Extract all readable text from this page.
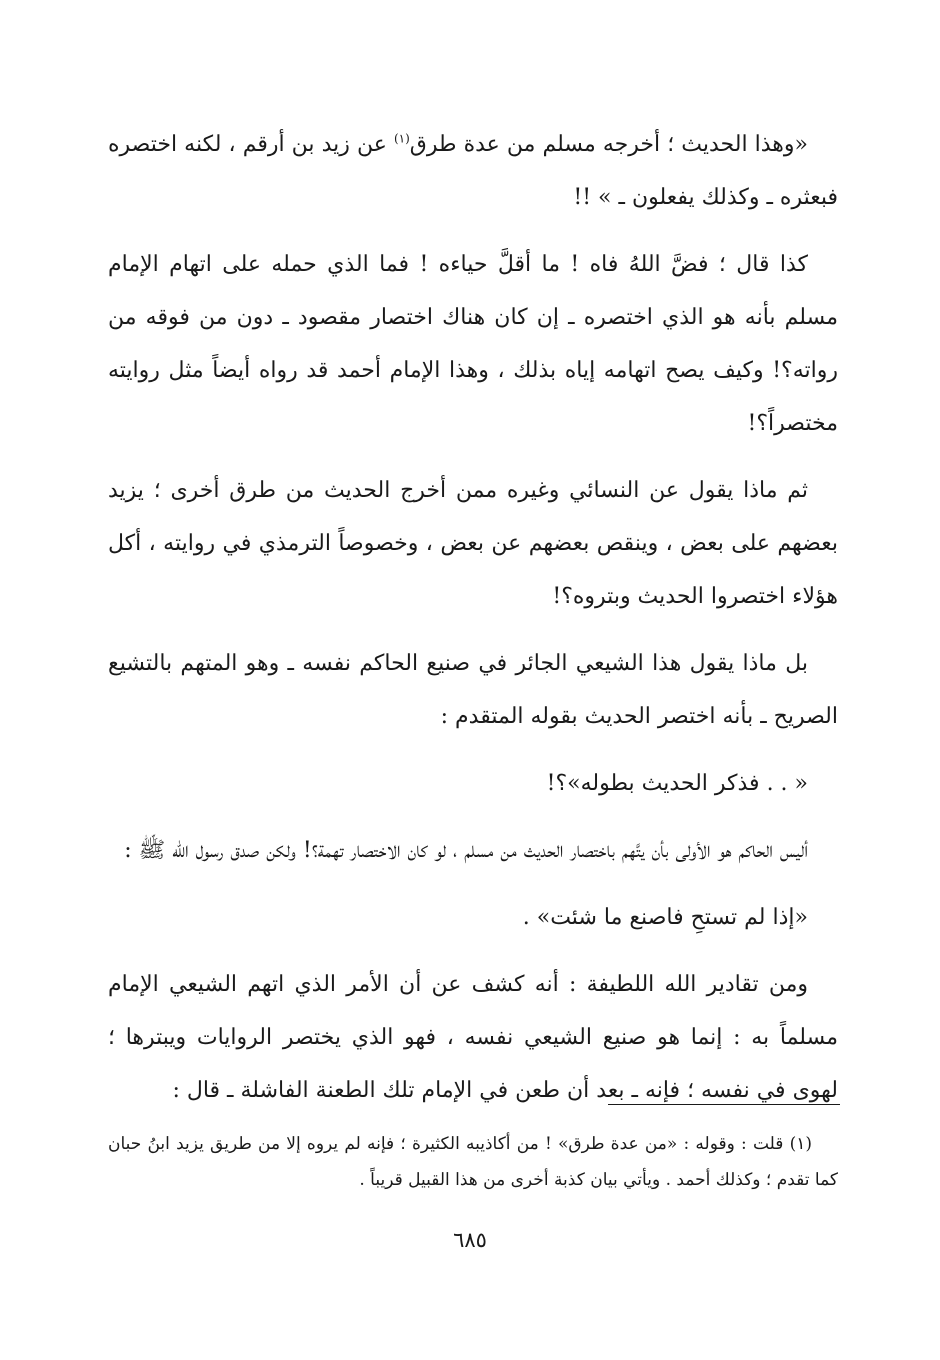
«وهذا الحديث ؛ أخرجه مسلم من عدة طرق$^{(١)}$ عن زيد بن أرقم ، لكنه اختصره فبعثره ـ وكذلك يفعلون ـ » !!

كذا قال ؛ فضَّ اللهُ فاه ! ما أقلَّ حياءه ! فما الذي حمله على اتهام الإمام مسلم بأنه هو الذي اختصره ـ إن كان هناك اختصار مقصود ـ دون من فوقه من رواته؟! وكيف يصح اتهامه إياه بذلك ، وهذا الإمام أحمد قد رواه أيضاً مثل روايته مختصراً؟!

ثم ماذا يقول عن النسائي وغيره ممن أخرج الحديث من طرق أخرى ؛ يزيد بعضهم على بعض ، وينقص بعضهم عن بعض ، وخصوصاً الترمذي في روايته ، أكل هؤلاء اختصروا الحديث وبتروه؟!

بل ماذا يقول هذا الشيعي الجائر في صنيع الحاكم نفسه ـ وهو المتهم بالتشيع الصريح ـ بأنه اختصر الحديث بقوله المتقدم :

« . . فذكر الحديث بطوله»؟!

أليس الحاكم هو الأولى بأن يتَّهم باختصار الحديث من مسلم ، لو كان الاختصار تهمة؟! ولكن صدق رسول الله ﷺ :

«إذا لم تستحِ فاصنع ما شئت» .

ومن تقادير الله اللطيفة : أنه كشف عن أن الأمر الذي اتهم الشيعي الإمام مسلماً به : إنما هو صنيع الشيعي نفسه ، فهو الذي يختصر الروايات ويبترها ؛ لهوى في نفسه ؛ فإنه ـ بعد أن طعن في الإمام تلك الطعنة الفاشلة ـ قال :

(١) قلت : وقوله : «من عدة طرق» ! من أكاذيبه الكثيرة ؛ فإنه لم يروه إلا من طريق يزيد ابنُ حبان كما تقدم ؛ وكذلك أحمد . ويأتي بيان كذبة أخرى من هذا القبيل قريباً .
٦٨٥
